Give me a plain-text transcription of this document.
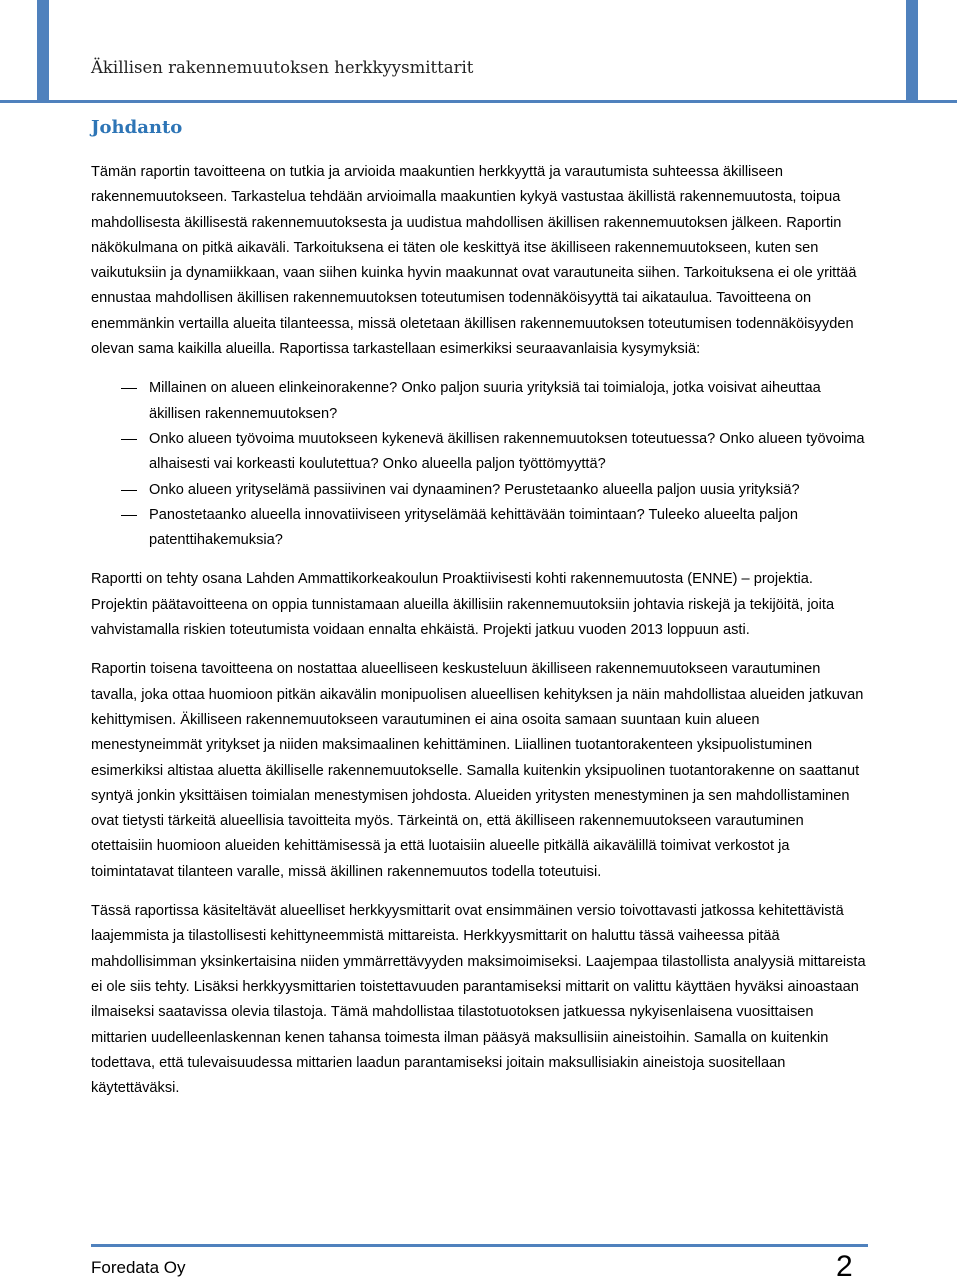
Äkillisen rakennemuutoksen herkkyysmittarit
Johdanto

Tämän raportin tavoitteena on tutkia ja arvioida maakuntien herkkyyttä ja varautumista suhteessa äkilliseen rakennemuutokseen. Tarkastelua tehdään arvioimalla maakuntien kykyä vastustaa äkillistä rakennemuutosta, toipua mahdollisesta äkillisestä rakennemuutoksesta ja uudistua mahdollisen äkillisen rakennemuutoksen jälkeen. Raportin näkökulmana on pitkä aikaväli. Tarkoituksena ei täten ole keskittyä itse äkilliseen rakennemuutokseen, kuten sen vaikutuksiin ja dynamiikkaan, vaan siihen kuinka hyvin maakunnat ovat varautuneita siihen. Tarkoituksena ei ole yrittää ennustaa mahdollisen äkillisen rakennemuutoksen toteutumisen todennäköisyyttä tai aikataulua. Tavoitteena on enemmänkin vertailla alueita tilanteessa, missä oletetaan äkillisen rakennemuutoksen toteutumisen todennäköisyyden olevan sama kaikilla alueilla. Raportissa tarkastellaan esimerkiksi seuraavanlaisia kysymyksiä:

Millainen on alueen elinkeinorakenne? Onko paljon suuria yrityksiä tai toimialoja, jotka voisivat aiheuttaa äkillisen rakennemuutoksen?
Onko alueen työvoima muutokseen kykenevä äkillisen rakennemuutoksen toteutuessa? Onko alueen työvoima alhaisesti vai korkeasti koulutettua? Onko alueella paljon työttömyyttä?
Onko alueen yrityselämä passiivinen vai dynaaminen? Perustetaanko alueella paljon uusia yrityksiä?
Panostetaanko alueella innovatiiviseen yrityselämää kehittävään toimintaan? Tuleeko alueelta paljon patenttihakemuksia?

Raportti on tehty osana Lahden Ammattikorkeakoulun Proaktiivisesti kohti rakennemuutosta (ENNE) – projektia. Projektin päätavoitteena on oppia tunnistamaan alueilla äkillisiin rakennemuutoksiin johtavia riskejä ja tekijöitä, joita vahvistamalla riskien toteutumista voidaan ennalta ehkäistä. Projekti jatkuu vuoden 2013 loppuun asti.

Raportin toisena tavoitteena on nostattaa alueelliseen keskusteluun äkilliseen rakennemuutokseen varautuminen tavalla, joka ottaa huomioon pitkän aikavälin monipuolisen alueellisen kehityksen ja näin mahdollistaa alueiden jatkuvan kehittymisen. Äkilliseen rakennemuutokseen varautuminen ei aina osoita samaan suuntaan kuin alueen menestyneimmät yritykset ja niiden maksimaalinen kehittäminen. Liiallinen tuotantorakenteen yksipuolistuminen esimerkiksi altistaa aluetta äkilliselle rakennemuutokselle. Samalla kuitenkin yksipuolinen tuotantorakenne on saattanut syntyä jonkin yksittäisen toimialan menestymisen johdosta. Alueiden yritysten menestyminen ja sen mahdollistaminen ovat tietysti tärkeitä alueellisia tavoitteita myös. Tärkeintä on, että äkilliseen rakennemuutokseen varautuminen otettaisiin huomioon alueiden kehittämisessä ja että luotaisiin alueelle pitkällä aikavälillä toimivat verkostot ja toimintatavat tilanteen varalle, missä äkillinen rakennemuutos todella toteutuisi.

Tässä raportissa käsiteltävät alueelliset herkkyysmittarit ovat ensimmäinen versio toivottavasti jatkossa kehitettävistä laajemmista ja tilastollisesti kehittyneemmistä mittareista. Herkkyysmittarit on haluttu tässä vaiheessa pitää mahdollisimman yksinkertaisina niiden ymmärrettävyyden maksimoimiseksi. Laajempaa tilastollista analyysiä mittareista ei ole siis tehty. Lisäksi herkkyysmittarien toistettavuuden parantamiseksi mittarit on valittu käyttäen hyväksi ainoastaan ilmaiseksi saatavissa olevia tilastoja. Tämä mahdollistaa tilastotuotoksen jatkuessa nykyisenlaisena vuosittaisen mittarien uudelleenlaskennan kenen tahansa toimesta ilman pääsyä maksullisiin aineistoihin. Samalla on kuitenkin todettava, että tulevaisuudessa mittarien laadun parantamiseksi joitain maksullisiakin aineistoja suositellaan käytettäväksi.

Foredata Oy	2
